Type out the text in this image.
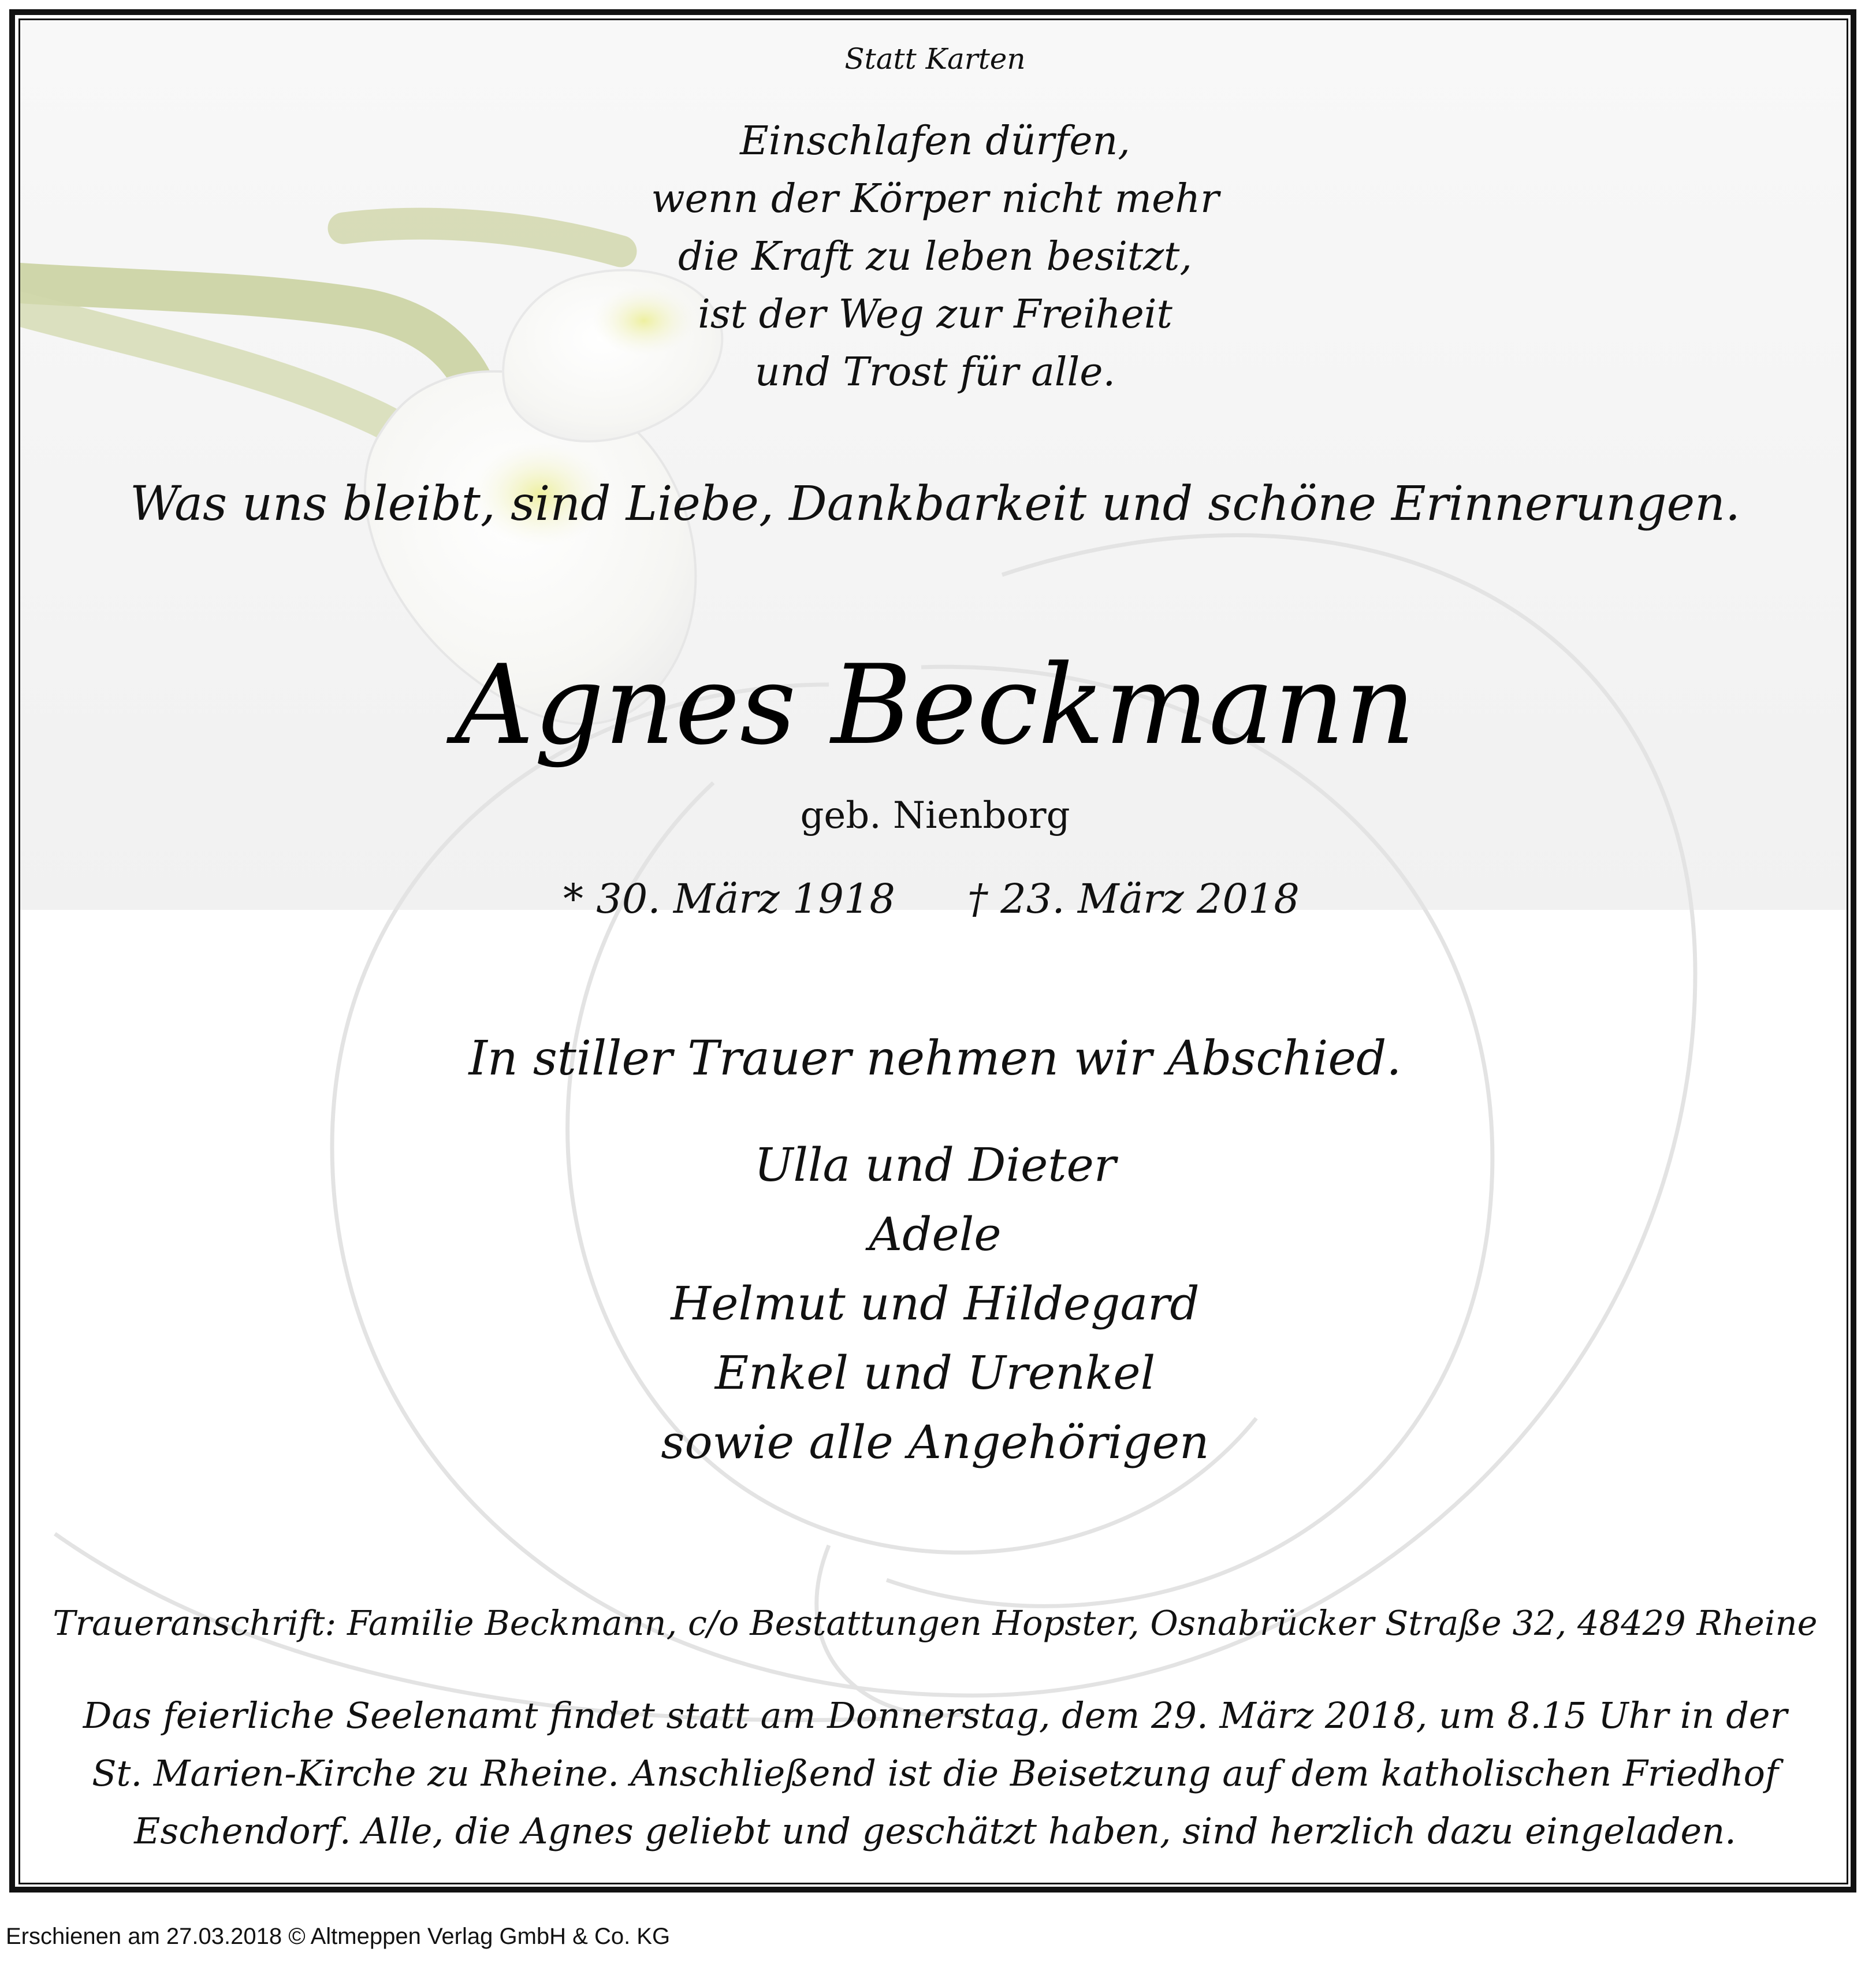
Statt Karten

Einschlafen dürfen,

wenn der Körper nicht mehr

die Kraft zu leben besitzt,

ist der Weg zur Freiheit

und Trost für alle.

Was uns bleibt, sind Liebe, Dankbarkeit und schöne Erinnerungen.

Agnes Beckmann

geb. Nienborg

* 30. März 1918 † 23. März 2018

In stiller Trauer nehmen wir Abschied.

Ulla und Dieter

Adele

Helmut und Hildegard

Enkel und Urenkel

sowie alle Angehörigen

Traueranschrift: Familie Beckmann, c/o Bestattungen Hopster, Osnabrücker Straße 32, 48429 Rheine

Das feierliche Seelenamt findet statt am Donnerstag, dem 29. März 2018, um 8.15 Uhr in der

St. Marien-Kirche zu Rheine. Anschließend ist die Beisetzung auf dem katholischen Friedhof

Eschendorf. Alle, die Agnes geliebt und geschätzt haben, sind herzlich dazu eingeladen.

Erschienen am 27.03.2018 © Altmeppen Verlag GmbH & Co. KG
